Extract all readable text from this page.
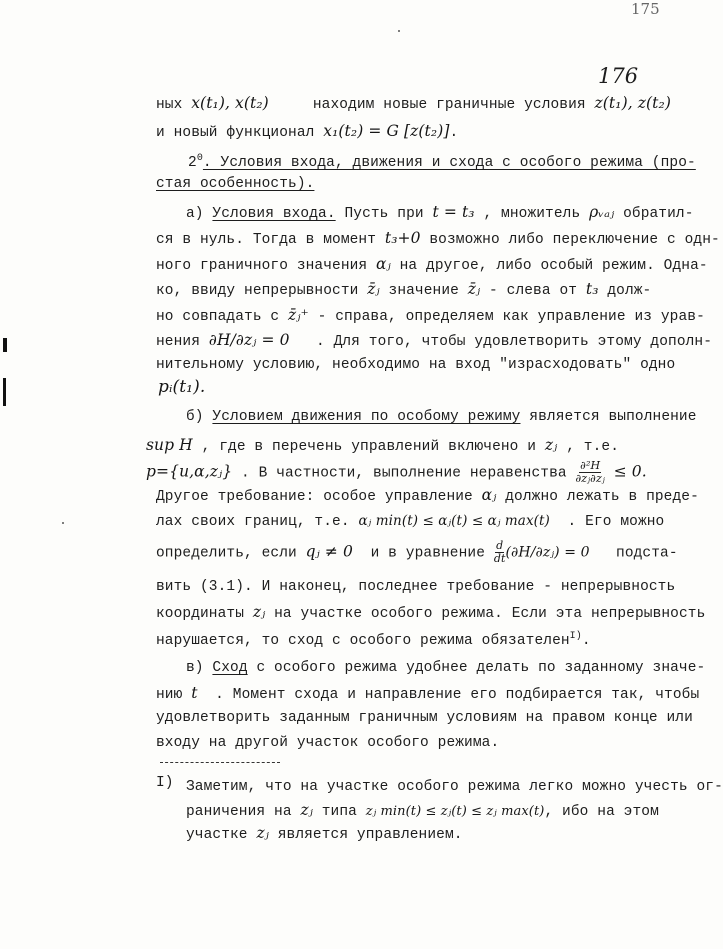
175
176
ных x(t₁), x(t₂)	находим новые граничные условия z(t₁), z(t₂)
и новый функционал x₁(t₂) = G [z(t₂)].
$2^0$. Условия входа, движения и схода с особого режима (про-
стая особенность).
а) Условия входа. Пусть при t = t₃ , множитель ρᵥₐⱼ обратил-
ся в нуль. Тогда в момент t₃+0 возможно либо переключение с одн-
ного граничного значения αⱼ на другое, либо особый режим. Однa-
ко, ввиду непрерывности z̄ⱼ значение z̄ⱼ - слева от t₃ долж-
но совпадать с z̄ⱼ⁺ - справа, определяем как управление из урав-
нения ∂H/∂zⱼ = 0 . Для того, чтобы удовлетворить этому дополн-
нительному условию, необходимо на вход "израсходовать" одно
pᵢ(t₁).
б) Условием движения по особому режиму является выполнение
sup H , где в перечень управлений включено и zⱼ , т.е.
p={u,α,zⱼ} . В частности, выполнение неравенства $\frac{\text{∂²H}}{\text{∂zⱼ∂zⱼ}} \le 0$.
Другое требование: особое управление αⱼ должно лежать в преде-
лах своих границ, т.е. αⱼ min(t) ≤ αⱼ(t) ≤ αⱼ max(t) . Его можно
определить, если qⱼ ≠ 0 и в уравнение $\frac{d}{dt}$ (∂H/∂zⱼ) = 0 подста-
вить (3.1). И наконец, последнее требование - непрерывность
координаты zⱼ на участке особого режима. Если эта непрерывность
нарушается, то сход с особого режима обязателен$^{I)}$.
в) Сход с особого режима удобнее делать по заданному значе-
нию t . Момент схода и направление его подбирается так, чтобы
удовлетворить заданным граничным условиям на правом конце или
входу на другой участок особого режима.
I) Заметим, что на участке особого режима легко можно учесть ог-
раничения на zⱼ типа zⱼ min(t) ≤ zⱼ(t) ≤ zⱼ max(t), ибо на этом
участке zⱼ является управлением.
